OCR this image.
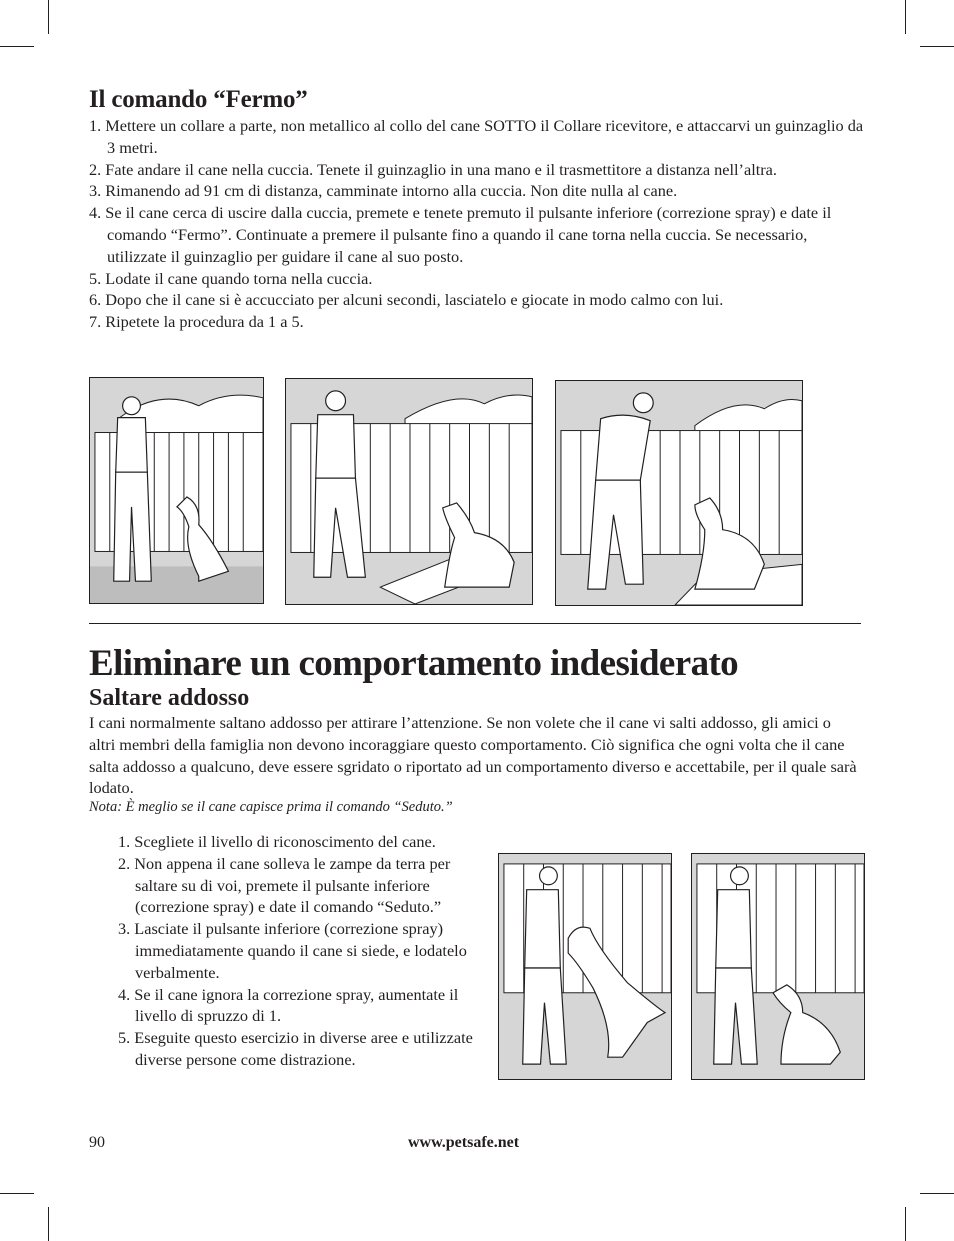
Il comando “Fermo”
1. Mettere un collare a parte, non metallico al collo del cane SOTTO il Collare ricevitore, e attaccarvi un guinzaglio da 3 metri.
2. Fate andare il cane nella cuccia. Tenete il guinzaglio in una mano e il trasmettitore a distanza nell’altra.
3. Rimanendo ad 91 cm di distanza, camminate intorno alla cuccia. Non dite nulla al cane.
4. Se il cane cerca di uscire dalla cuccia, premete e tenete premuto il pulsante inferiore (correzione spray) e date il comando “Fermo”. Continuate a premere il pulsante fino a quando il cane torna nella cuccia. Se necessario, utilizzate il guinzaglio per guidare il cane al suo posto.
5. Lodate il cane quando torna nella cuccia.
6. Dopo che il cane si è accucciato per alcuni secondi, lasciatelo e giocate in modo calmo con lui.
7. Ripetete la procedura da 1 a 5.
Eliminare un comportamento indesiderato
Saltare addosso

I cani normalmente saltano addosso per attirare l’attenzione. Se non volete che il cane vi salti addosso, gli amici o altri membri della famiglia non devono incoraggiare questo comportamento. Ciò significa che ogni volta che il cane salta addosso a qualcuno, deve essere sgridato o riportato ad un comportamento diverso e accettabile, per il quale sarà lodato.

Nota: È meglio se il cane capisce prima il comando “Seduto.”

1. Scegliete il livello di riconoscimento del cane.
2. Non appena il cane solleva le zampe da terra per saltare su di voi, premete il pulsante inferiore (correzione spray) e date il comando “Seduto.”
3. Lasciate il pulsante inferiore (correzione spray) immediatamente quando il cane si siede, e lodatelo verbalmente.
4. Se il cane ignora la correzione spray, aumentate il livello di spruzzo di 1.
5. Eseguite questo esercizio in diverse aree e utilizzate diverse persone come distrazione.

90	www.petsafe.net
